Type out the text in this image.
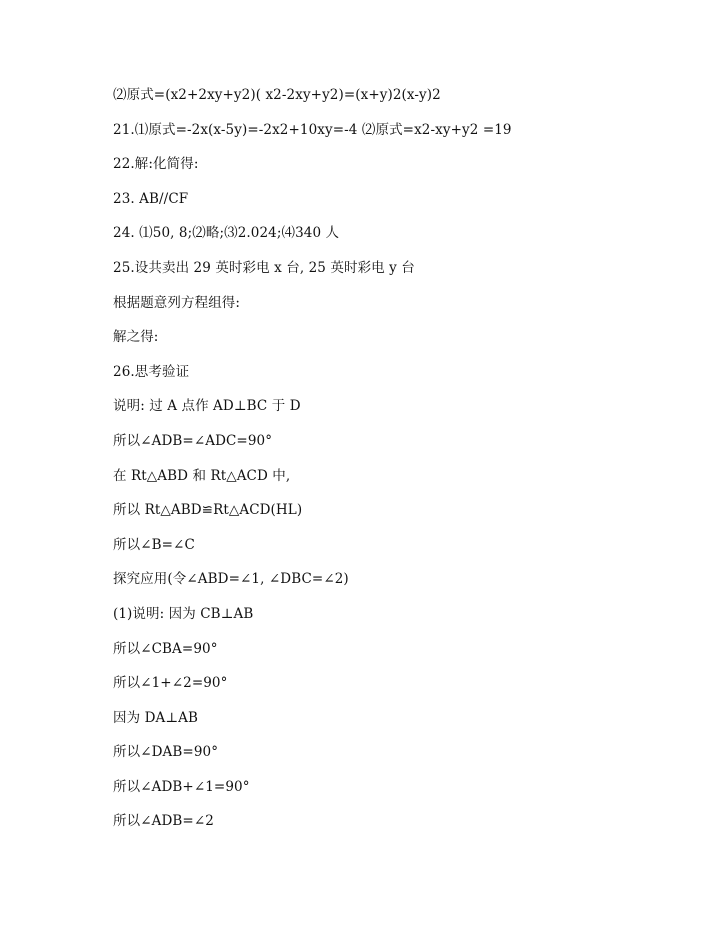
⑵原式=(x2+2xy+y2)( x2-2xy+y2)=(x+y)2(x-y)2
21.⑴原式=-2x(x-5y)=-2x2+10xy=-4 ⑵原式=x2-xy+y2 =19
22.解:化简得:
23. AB//CF
24. ⑴50, 8;⑵略;⑶2.024;⑷340 人
25.设共卖出 29 英时彩电 x 台, 25 英时彩电 y 台
根据题意列方程组得:
解之得:
26.思考验证
说明: 过 A 点作 AD⊥BC 于 D
所以∠ADB=∠ADC=90°
在 Rt△ABD 和 Rt△ACD 中,
所以 Rt△ABD≌Rt△ACD(HL)
所以∠B=∠C
探究应用(令∠ABD=∠1, ∠DBC=∠2)
(1)说明: 因为 CB⊥AB
所以∠CBA=90°
所以∠1+∠2=90°
因为 DA⊥AB
所以∠DAB=90°
所以∠ADB+∠1=90°
所以∠ADB=∠2
